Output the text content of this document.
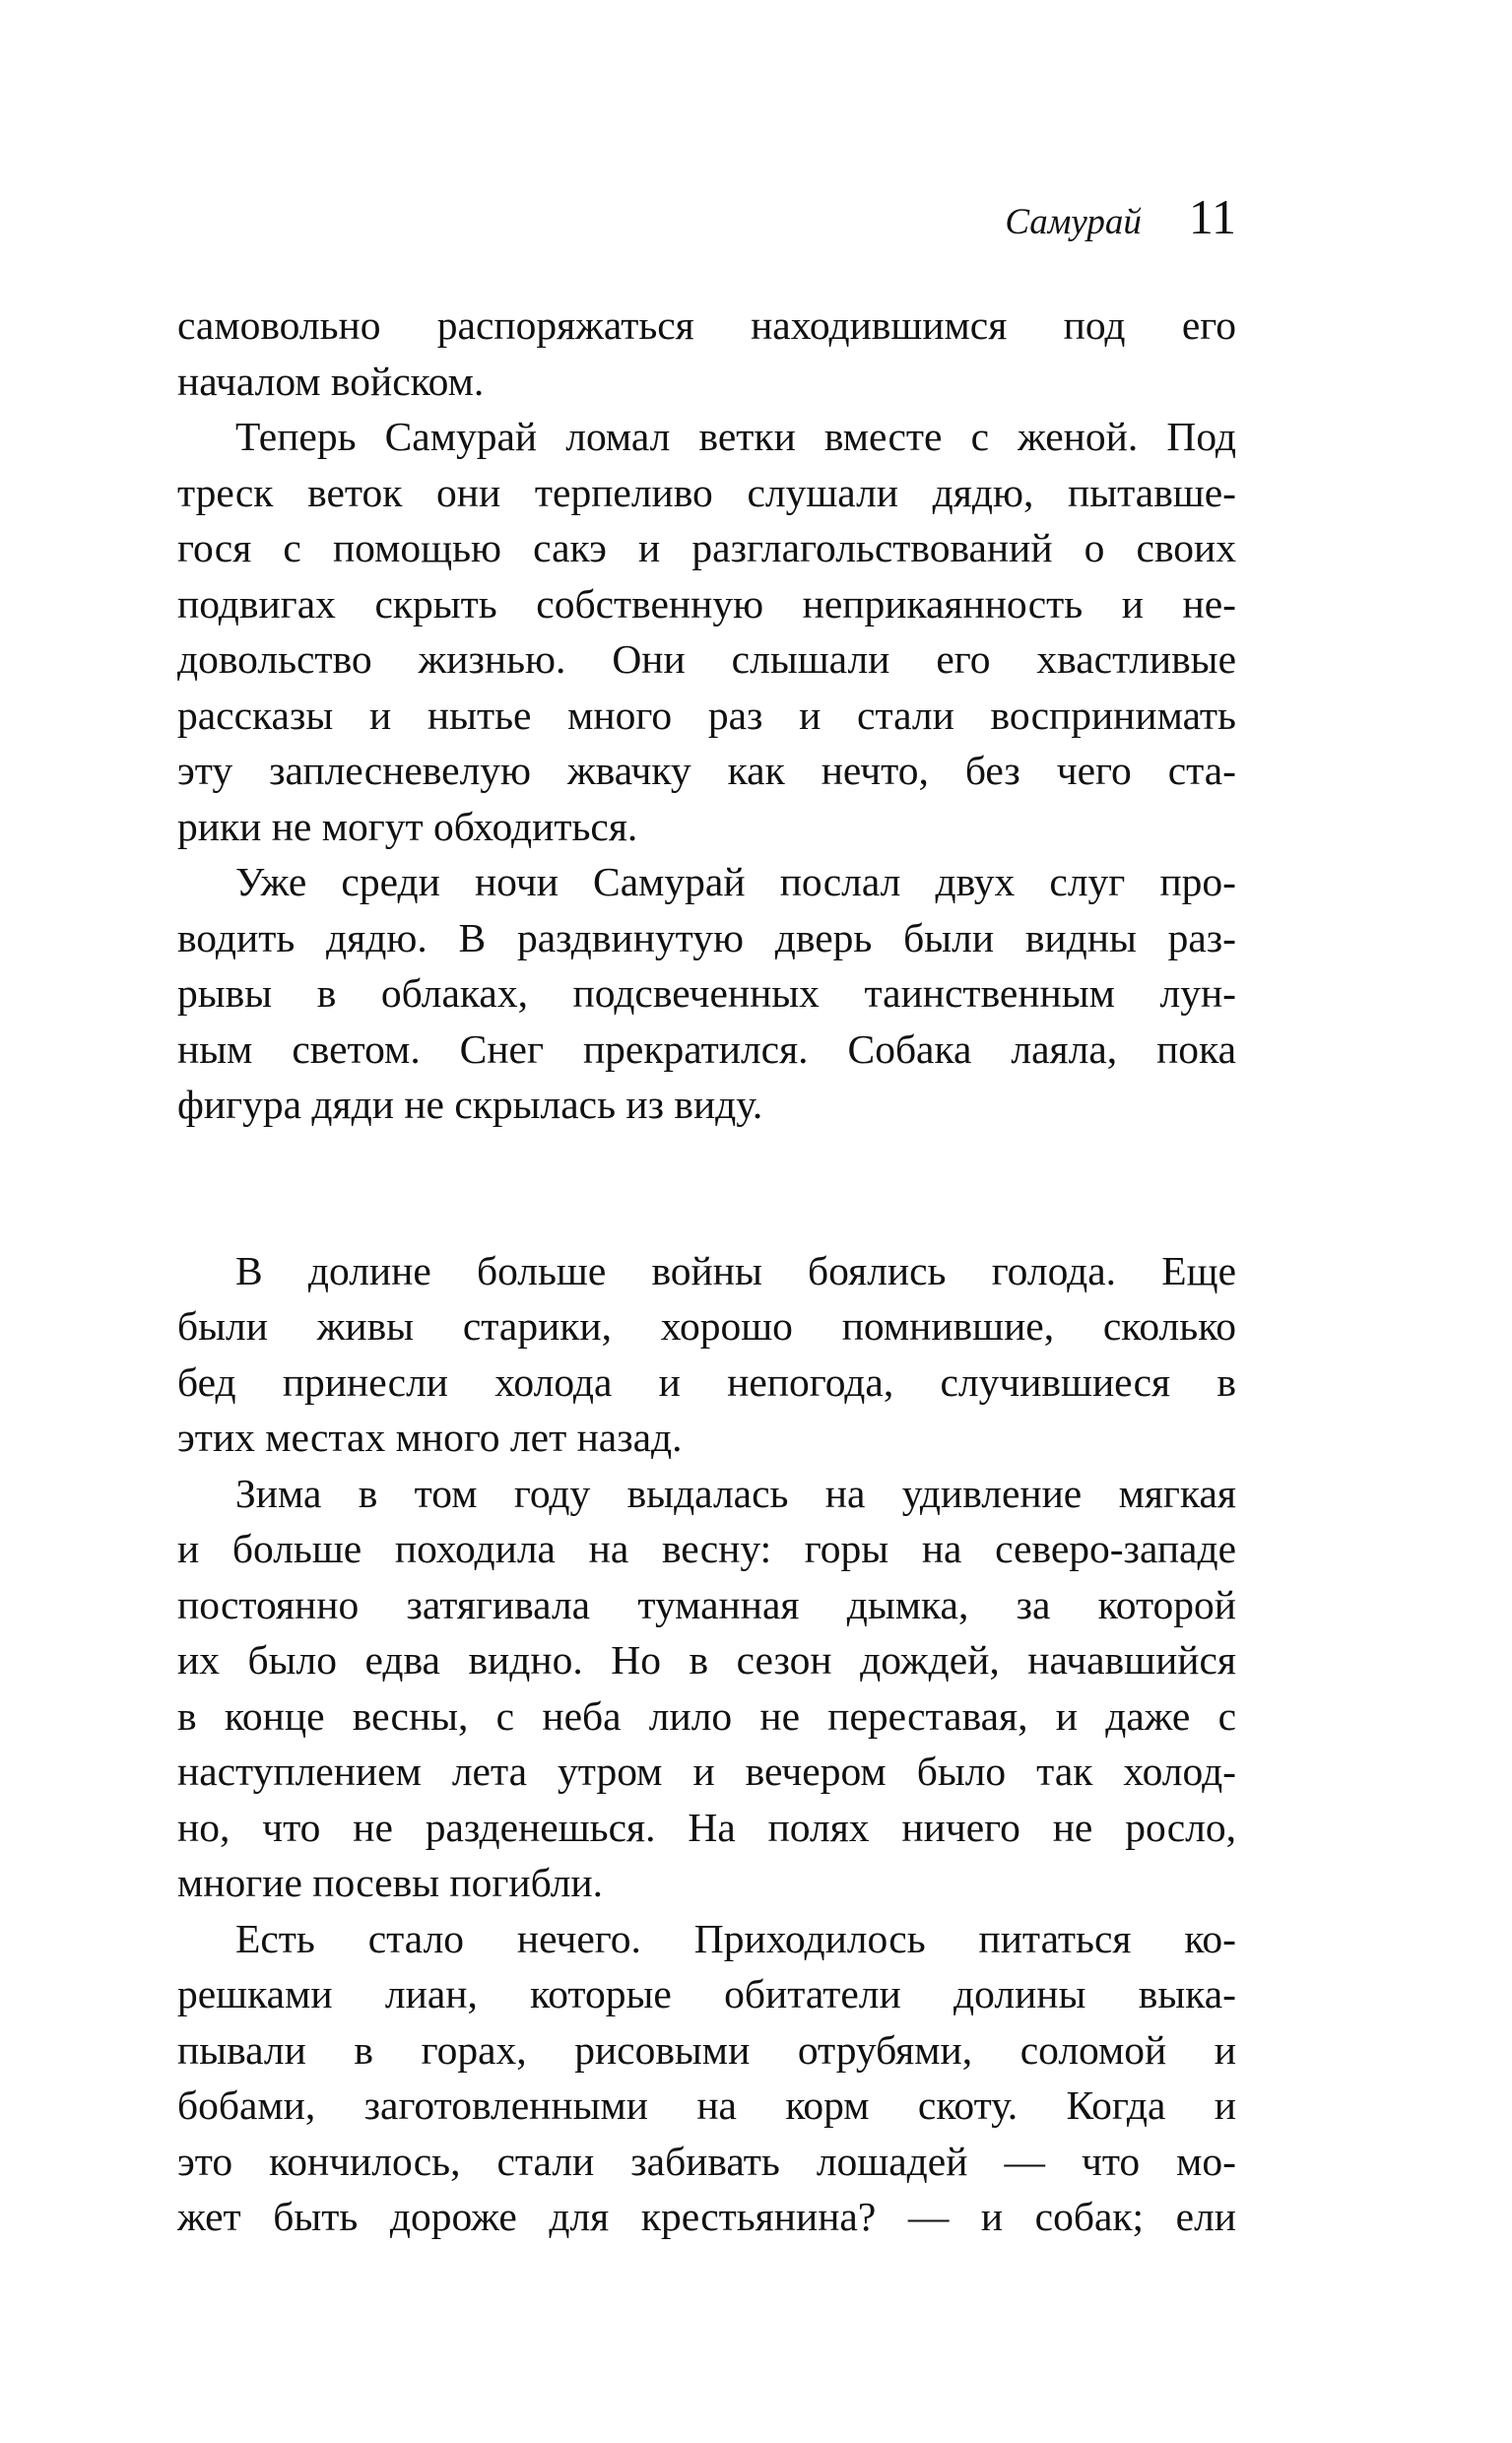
Самурай 11
самовольно распоряжаться находившимся под его
началом войском.
Теперь Самурай ломал ветки вместе с женой. Под
треск веток они терпеливо слушали дядю, пытавше-
гося с помощью сакэ и разглагольствований о своих
подвигах скрыть собственную неприкаянность и не-
довольство жизнью. Они слышали его хвастливые
рассказы и нытье много раз и стали воспринимать
эту заплесневелую жвачку как нечто, без чего ста-
рики не могут обходиться.
Уже среди ночи Самурай послал двух слуг про-
водить дядю. В раздвинутую дверь были видны раз-
рывы в облаках, подсвеченных таинственным лун-
ным светом. Снег прекратился. Собака лаяла, пока
фигура дяди не скрылась из виду.
В долине больше войны боялись голода. Еще
были живы старики, хорошо помнившие, сколько
бед принесли холода и непогода, случившиеся в
этих местах много лет назад.
Зима в том году выдалась на удивление мягкая
и больше походила на весну: горы на северо-западе
постоянно затягивала туманная дымка, за которой
их было едва видно. Но в сезон дождей, начавшийся
в конце весны, с неба лило не переставая, и даже с
наступлением лета утром и вечером было так холод-
но, что не разденешься. На полях ничего не росло,
многие посевы погибли.
Есть стало нечего. Приходилось питаться ко-
решками лиан, которые обитатели долины выка-
пывали в горах, рисовыми отрубями, соломой и
бобами, заготовленными на корм скоту. Когда и
это кончилось, стали забивать лошадей — что мо-
жет быть дороже для крестьянина? — и собак; ели
